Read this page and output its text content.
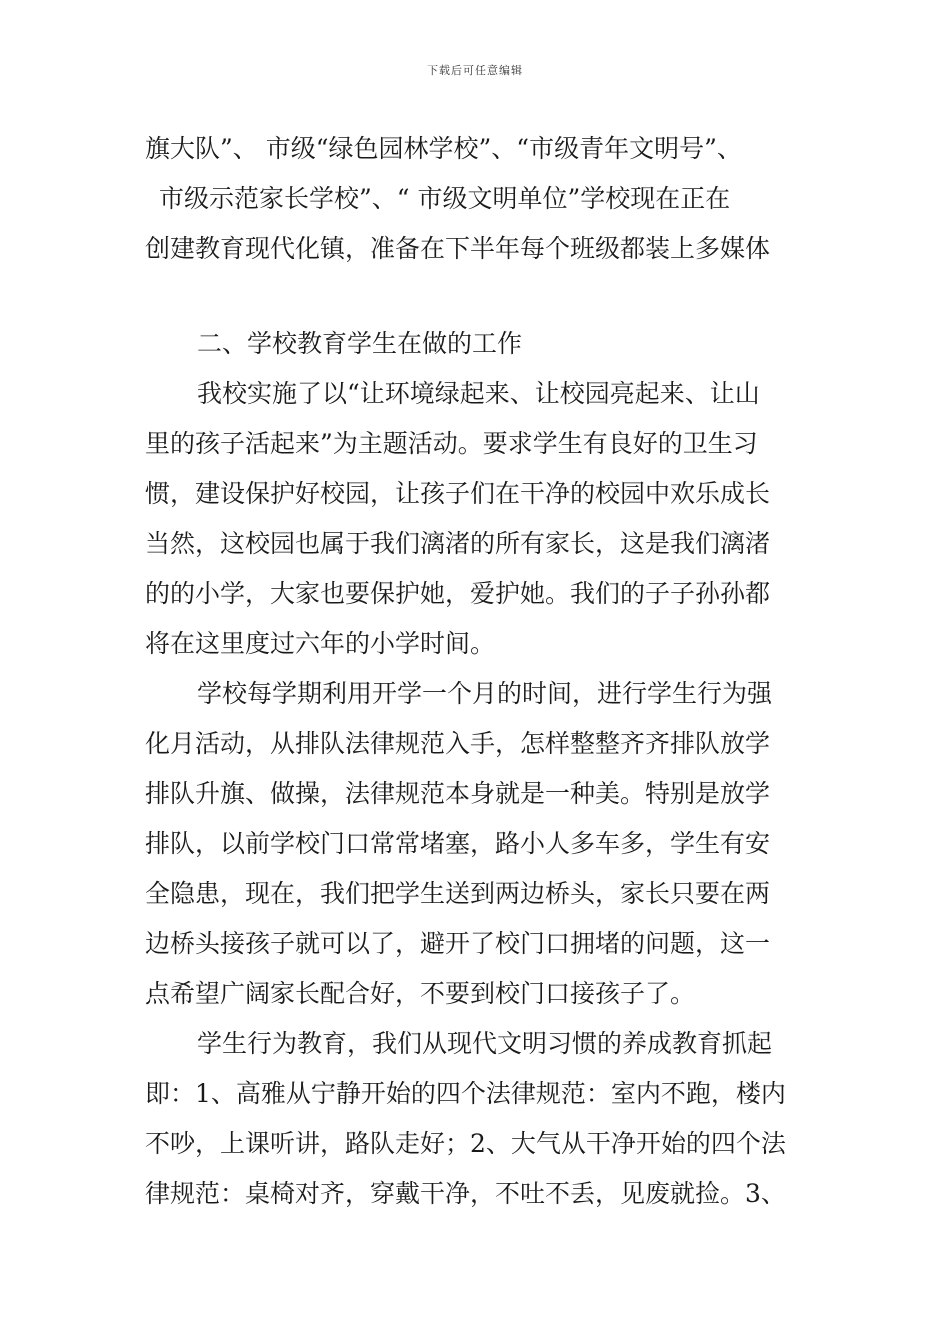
下载后可任意编辑
旗大队”、 市级“绿色园林学校”、“市级青年文明号”、
市级示范家长学校”、“ 市级文明单位”学校现在正在
创建教育现代化镇，准备在下半年每个班级都装上多媒体
二、学校教育学生在做的工作
我校实施了以“让环境绿起来、让校园亮起来、让山
里的孩子活起来”为主题活动。要求学生有良好的卫生习
惯，建设保护好校园，让孩子们在干净的校园中欢乐成长
当然，这校园也属于我们漓渚的所有家长，这是我们漓渚
的的小学，大家也要保护她，爱护她。我们的子子孙孙都
将在这里度过六年的小学时间。
学校每学期利用开学一个月的时间，进行学生行为强
化月活动，从排队法律规范入手，怎样整整齐齐排队放学
排队升旗、做操，法律规范本身就是一种美。特别是放学
排队，以前学校门口常常堵塞，路小人多车多，学生有安
全隐患，现在，我们把学生送到两边桥头，家长只要在两
边桥头接孩子就可以了，避开了校门口拥堵的问题，这一
点希望广阔家长配合好，不要到校门口接孩子了。
学生行为教育，我们从现代文明习惯的养成教育抓起
即：1、高雅从宁静开始的四个法律规范：室内不跑，楼内
不吵，上课听讲，路队走好；2、大气从干净开始的四个法
律规范：桌椅对齐，穿戴干净，不吐不丢，见废就捡。3、
